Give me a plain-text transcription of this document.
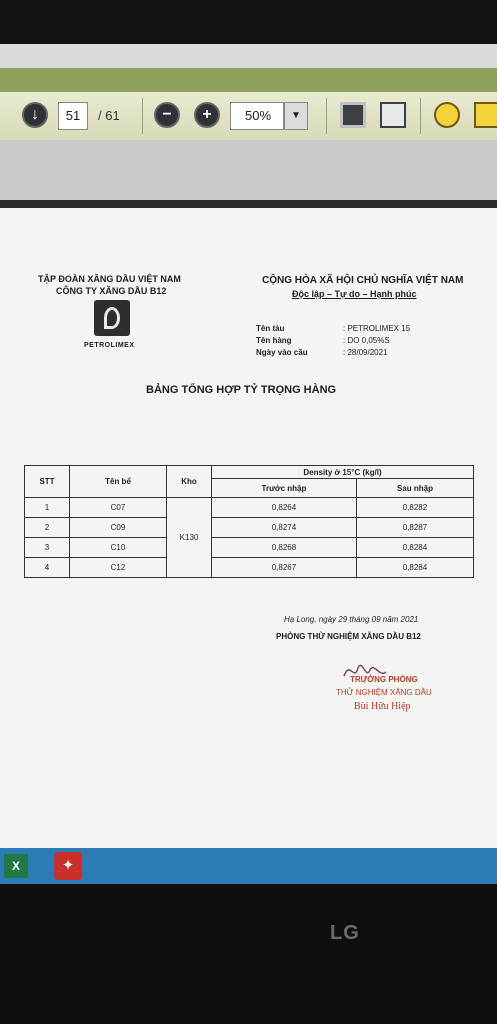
↓	51	/ 61	−	+	50%	▼
TẬP ĐOÀN XĂNG DẦU VIỆT NAM
CÔNG TY XĂNG DẦU B12
PETROLIMEX
CỘNG HÒA XÃ HỘI CHỦ NGHĨA VIỆT NAM
Độc lập – Tự do – Hạnh phúc
Tên tàu	: PETROLIMEX 15
Tên hàng	: DO 0,05%S
Ngày vào cầu	: 28/09/2021
BẢNG TỔNG HỢP TỶ TRỌNG HÀNG
STT	Tên bể	Kho	Density ở 15°C (kg/l)	
			Trước nhập	Sau nhập
1	C07	K130	0,8264	0,8282
2	C09		0,8274	0,8287
3	C10		0,8268	0,8284
4	C12		0,8267	0,8284
Hạ Long, ngày 29 tháng 09 năm 2021
PHÒNG THỬ NGHIỆM XĂNG DẦU B12
TRƯỞNG PHÒNG
THỬ NGHIỆM XĂNG DẦU
Bùi Hữu Hiệp
X	✦
LG
